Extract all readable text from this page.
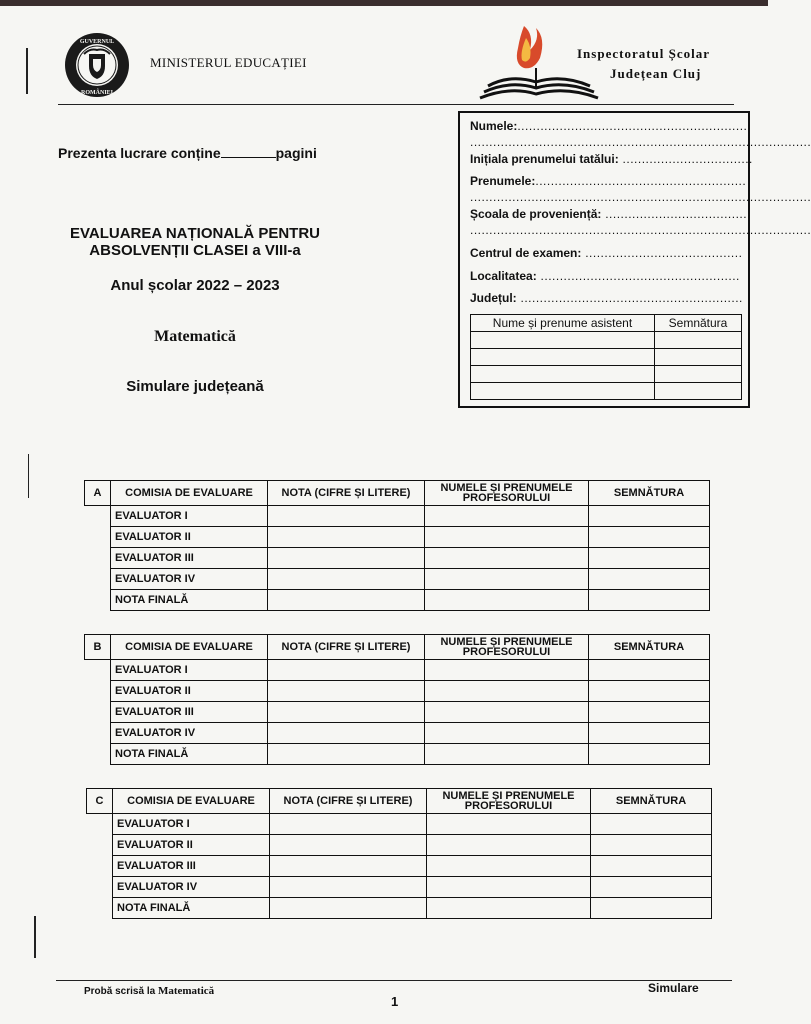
GUVERNUL
ROMÂNIEI
MINISTERUL EDUCAȚIEI
Inspectoratul Școlar
Județean Cluj
Prezenta lucrare conține	pagini
EVALUAREA NAȚIONALĂ PENTRU
ABSOLVENȚII CLASEI a VIII-a
Anul școlar 2022 – 2023
Matematică
Simulare județeană
Numele:.............................................................
.........................................................................................
Inițiala prenumelui tatălui: ..................................
Prenumele:.......................................................
.........................................................................................
Școala de proveniență: ......................................
.........................................................................................
Centrul de examen: .........................................
Localitatea: ....................................................
Județul: ..........................................................
Nume și prenume asistent	Semnătura

A	COMISIA DE EVALUARE	NOTA (CIFRE ȘI LITERE)	NUMELE ȘI PRENUMELE PROFESORULUI	SEMNĂTURA
	EVALUATOR I			
	EVALUATOR II			
	EVALUATOR III			
	EVALUATOR IV			
	NOTA FINALĂ			
B	COMISIA DE EVALUARE	NOTA (CIFRE ȘI LITERE)	NUMELE ȘI PRENUMELE PROFESORULUI	SEMNĂTURA
	EVALUATOR I			
	EVALUATOR II			
	EVALUATOR III			
	EVALUATOR IV			
	NOTA FINALĂ			
C	COMISIA DE EVALUARE	NOTA (CIFRE ȘI LITERE)	NUMELE ȘI PRENUMELE PROFESORULUI	SEMNĂTURA
	EVALUATOR I			
	EVALUATOR II			
	EVALUATOR III			
	EVALUATOR IV			
	NOTA FINALĂ			
Probă scrisă la Matematică	Simulare
1
